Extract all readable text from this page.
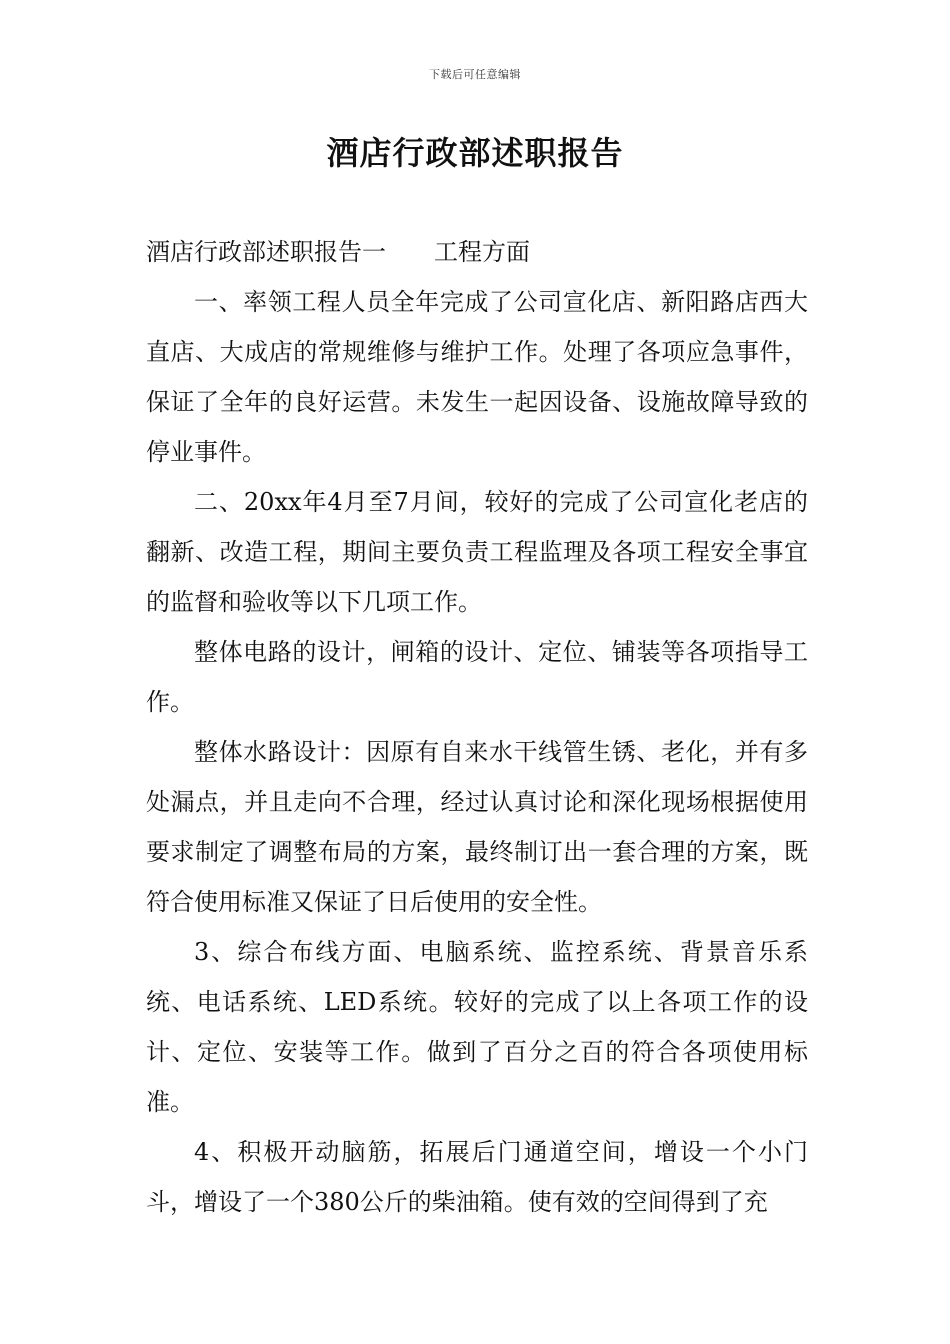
下载后可任意编辑
酒店行政部述职报告

酒店行政部述职报告一 工程方面

一、率领工程人员全年完成了公司宣化店、新阳路店西大直店、大成店的常规维修与维护工作。处理了各项应急事件，保证了全年的良好运营。未发生一起因设备、设施故障导致的停业事件。

二、20xx年4月至7月间，较好的完成了公司宣化老店的翻新、改造工程，期间主要负责工程监理及各项工程安全事宜的监督和验收等以下几项工作。

整体电路的设计，闸箱的设计、定位、铺装等各项指导工作。

整体水路设计：因原有自来水干线管生锈、老化，并有多处漏点，并且走向不合理，经过认真讨论和深化现场根据使用要求制定了调整布局的方案，最终制订出一套合理的方案，既符合使用标准又保证了日后使用的安全性。

3、综合布线方面、电脑系统、监控系统、背景音乐系统、电话系统、LED系统。较好的完成了以上各项工作的设计、定位、安装等工作。做到了百分之百的符合各项使用标准。

4、积极开动脑筋，拓展后门通道空间，增设一个小门斗，增设了一个380公斤的柴油箱。使有效的空间得到了充
